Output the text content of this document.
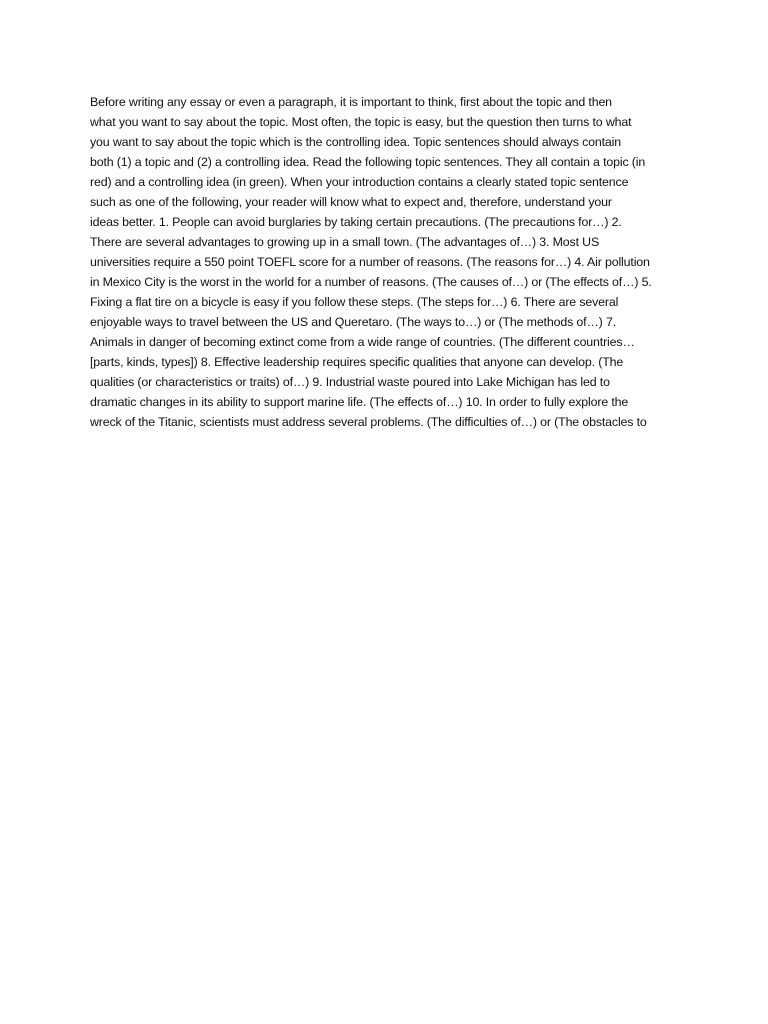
Before writing any essay or even a paragraph, it is important to think, first about the topic and then
what you want to say about the topic. Most often, the topic is easy, but the question then turns to what
you want to say about the topic which is the controlling idea. Topic sentences should always contain
both (1) a topic and (2) a controlling idea. Read the following topic sentences. They all contain a topic (in
red) and a controlling idea (in green). When your introduction contains a clearly stated topic sentence
such as one of the following, your reader will know what to expect and, therefore, understand your
ideas better. 1. People can avoid burglaries by taking certain precautions. (The precautions for…) 2.
There are several advantages to growing up in a small town. (The advantages of…) 3. Most US
universities require a 550 point TOEFL score for a number of reasons. (The reasons for…) 4. Air pollution
in Mexico City is the worst in the world for a number of reasons. (The causes of…) or (The effects of…) 5.
Fixing a flat tire on a bicycle is easy if you follow these steps. (The steps for…) 6. There are several
enjoyable ways to travel between the US and Queretaro. (The ways to…) or (The methods of…) 7.
Animals in danger of becoming extinct come from a wide range of countries. (The different countries…
[parts, kinds, types]) 8. Effective leadership requires specific qualities that anyone can develop. (The
qualities (or characteristics or traits) of…) 9. Industrial waste poured into Lake Michigan has led to
dramatic changes in its ability to support marine life. (The effects of…) 10. In order to fully explore the
wreck of the Titanic, scientists must address several problems. (The difficulties of…) or (The obstacles to
